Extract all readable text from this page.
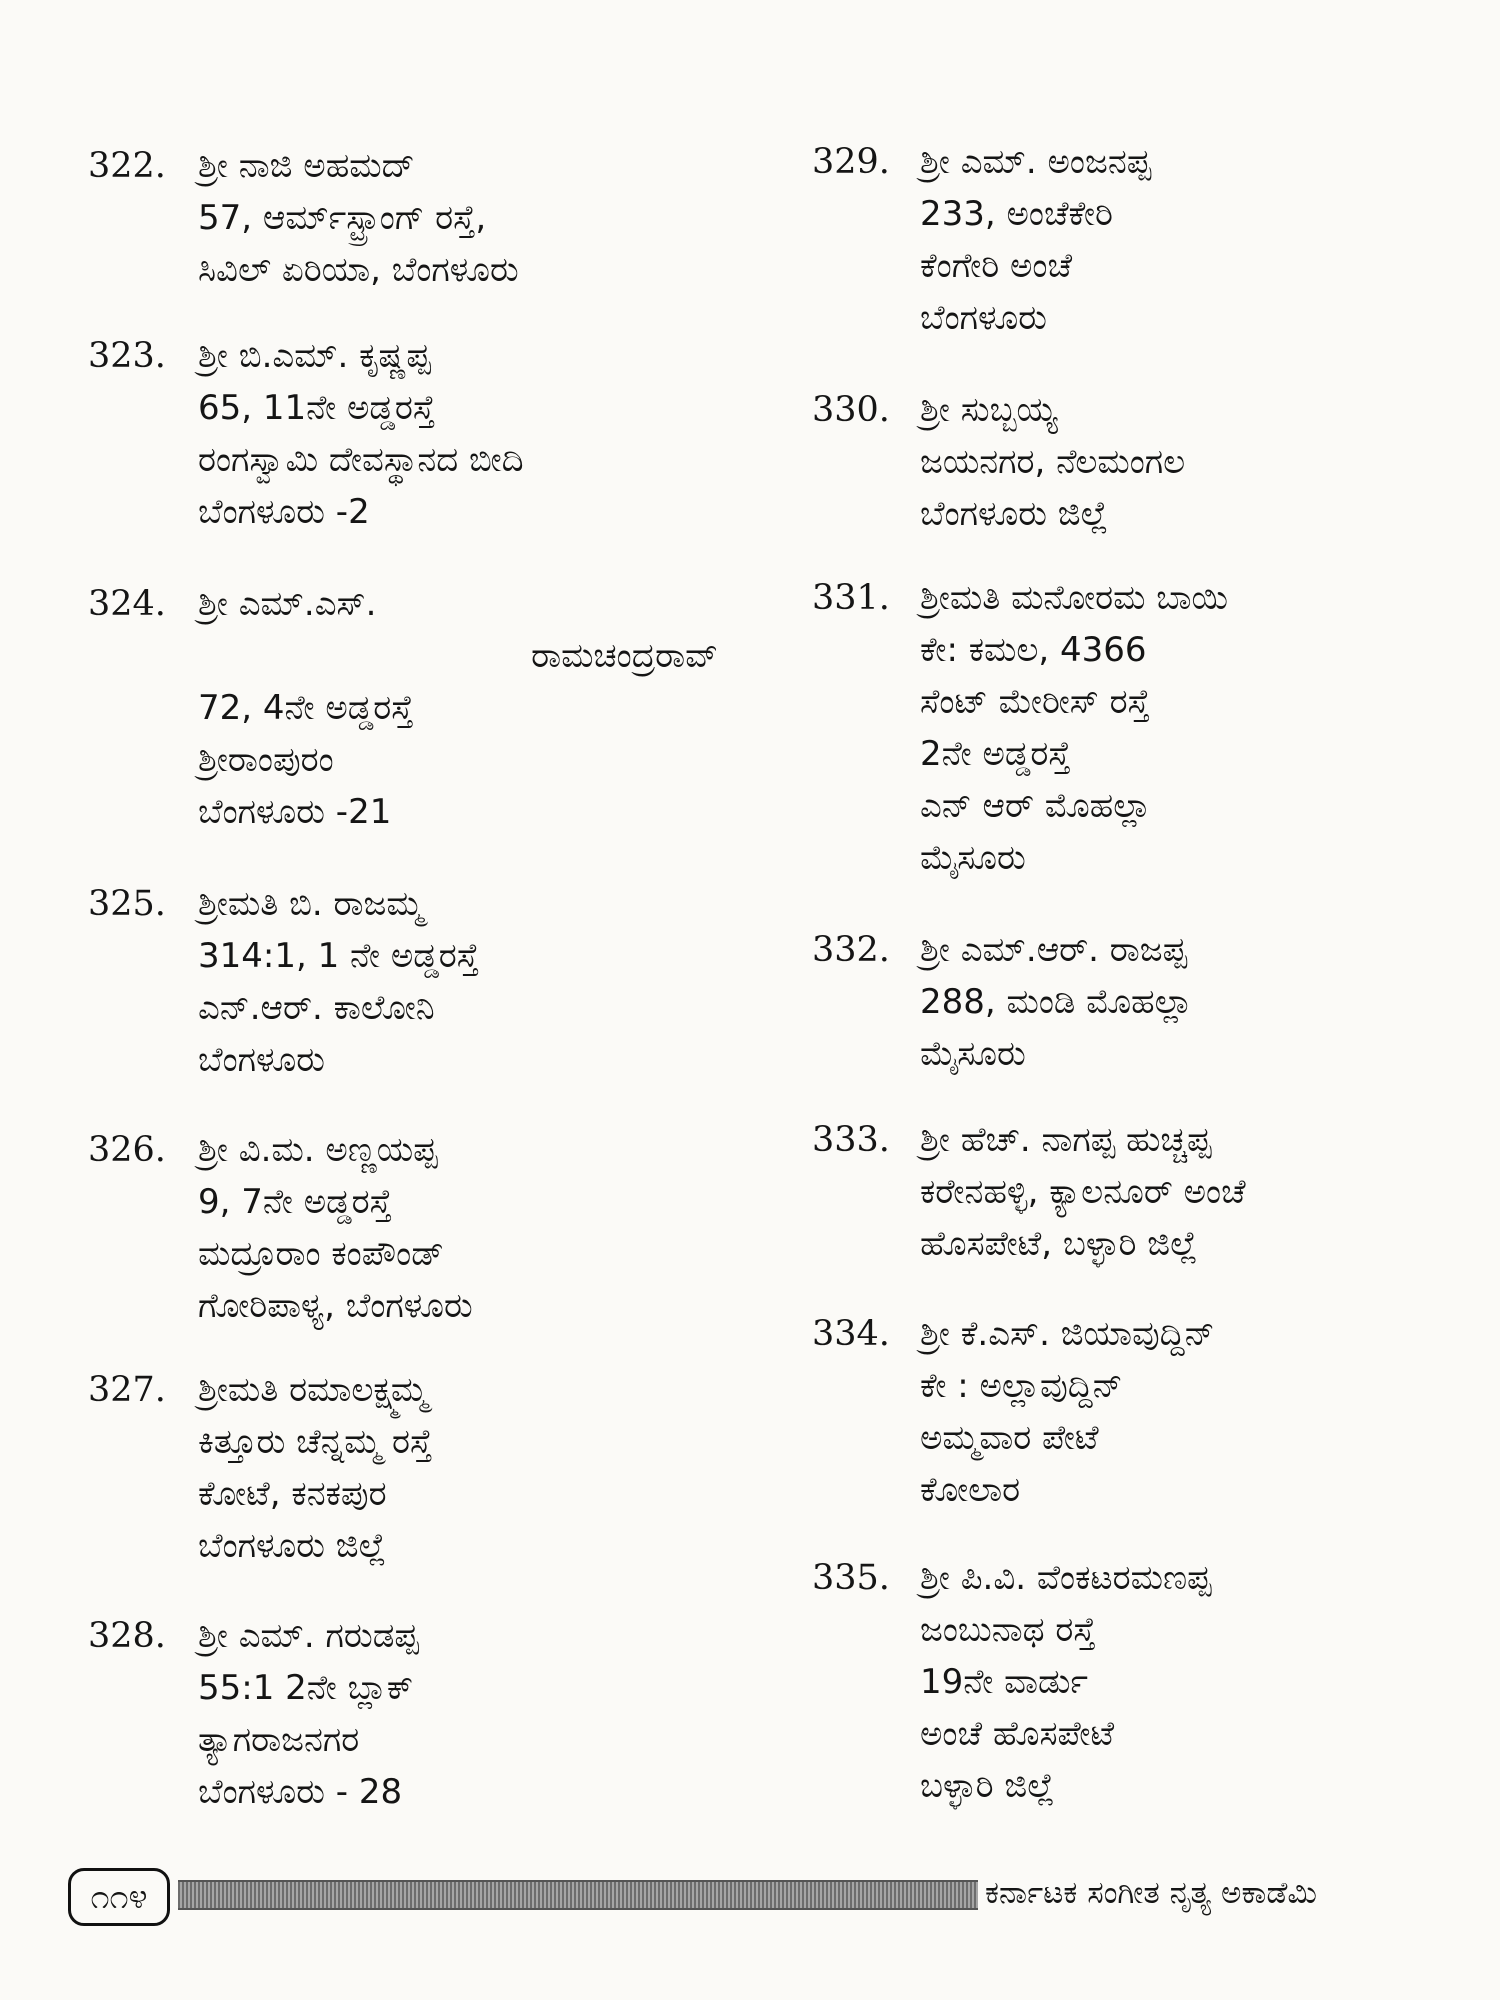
322. ಶ್ರೀ ನಾಜಿ ಅಹಮದ್
57, ಆರ್ಮ್‌ಸ್ಟ್ರಾಂಗ್ ರಸ್ತೆ,
ಸಿವಿಲ್ ಏರಿಯಾ, ಬೆಂಗಳೂರು
323. ಶ್ರೀ ಬಿ.ಎಮ್. ಕೃಷ್ಣಪ್ಪ
65, 11ನೇ ಅಡ್ಡರಸ್ತೆ
ರಂಗಸ್ವಾಮಿ ದೇವಸ್ಥಾನದ ಬೀದಿ
ಬೆಂಗಳೂರು -2
324. ಶ್ರೀ ಎಮ್.ಎಸ್.
ರಾಮಚಂದ್ರರಾವ್
72, 4ನೇ ಅಡ್ಡರಸ್ತೆ
ಶ್ರೀರಾಂಪುರಂ
ಬೆಂಗಳೂರು -21
325. ಶ್ರೀಮತಿ ಬಿ. ರಾಜಮ್ಮ
314:1, 1 ನೇ ಅಡ್ಡರಸ್ತೆ
ಎನ್.ಆರ್. ಕಾಲೋನಿ
ಬೆಂಗಳೂರು
326. ಶ್ರೀ ವಿ.ಮ. ಅಣ್ಣಯಪ್ಪ
9, 7ನೇ ಅಡ್ಡರಸ್ತೆ
ಮದ್ರೂರಾಂ ಕಂಪೌಂಡ್
ಗೋರಿಪಾಳ್ಯ, ಬೆಂಗಳೂರು
327. ಶ್ರೀಮತಿ ರಮಾಲಕ್ಷ್ಮಮ್ಮ
ಕಿತ್ತೂರು ಚೆನ್ನಮ್ಮ ರಸ್ತೆ
ಕೋಟೆ, ಕನಕಪುರ
ಬೆಂಗಳೂರು ಜಿಲ್ಲೆ
328. ಶ್ರೀ ಎಮ್. ಗರುಡಪ್ಪ
55:1 2ನೇ ಬ್ಲಾಕ್
ತ್ಯಾಗರಾಜನಗರ
ಬೆಂಗಳೂರು - 28
329. ಶ್ರೀ ಎಮ್. ಅಂಜನಪ್ಪ
233, ಅಂಚೆಕೇರಿ
ಕೆಂಗೇರಿ ಅಂಚೆ
ಬೆಂಗಳೂರು
330. ಶ್ರೀ ಸುಬ್ಬಯ್ಯ
ಜಯನಗರ, ನೆಲಮಂಗಲ
ಬೆಂಗಳೂರು ಜಿಲ್ಲೆ
331. ಶ್ರೀಮತಿ ಮನೋರಮ ಬಾಯಿ
ಕೇ: ಕಮಲ, 4366
ಸೆಂಟ್ ಮೇರೀಸ್ ರಸ್ತೆ
2ನೇ ಅಡ್ಡರಸ್ತೆ
ಎನ್ ಆರ್ ಮೊಹಲ್ಲಾ
ಮೈಸೂರು
332. ಶ್ರೀ ಎಮ್.ಆರ್. ರಾಜಪ್ಪ
288, ಮಂಡಿ ಮೊಹಲ್ಲಾ
ಮೈಸೂರು
333. ಶ್ರೀ ಹೆಚ್. ನಾಗಪ್ಪ ಹುಚ್ಚಪ್ಪ
ಕರೇನಹಳ್ಳಿ, ಕ್ಯಾಲನೂರ್ ಅಂಚೆ
ಹೊಸಪೇಟೆ, ಬಳ್ಳಾರಿ ಜಿಲ್ಲೆ
334. ಶ್ರೀ ಕೆ.ಎಸ್. ಜಿಯಾವುದ್ದಿನ್
ಕೇ : ಅಲ್ಲಾವುದ್ದಿನ್
ಅಮ್ಮವಾರ ಪೇಟೆ
ಕೋಲಾರ
335. ಶ್ರೀ ಪಿ.ವಿ. ವೆಂಕಟರಮಣಪ್ಪ
ಜಂಬುನಾಥ ರಸ್ತೆ
19ನೇ ವಾರ್ಡು
ಅಂಚೆ ಹೊಸಪೇಟೆ
ಬಳ್ಳಾರಿ ಜಿಲ್ಲೆ
೧೧೪	ಕರ್ನಾಟಕ ಸಂಗೀತ ನೃತ್ಯ ಅಕಾಡೆಮಿ
